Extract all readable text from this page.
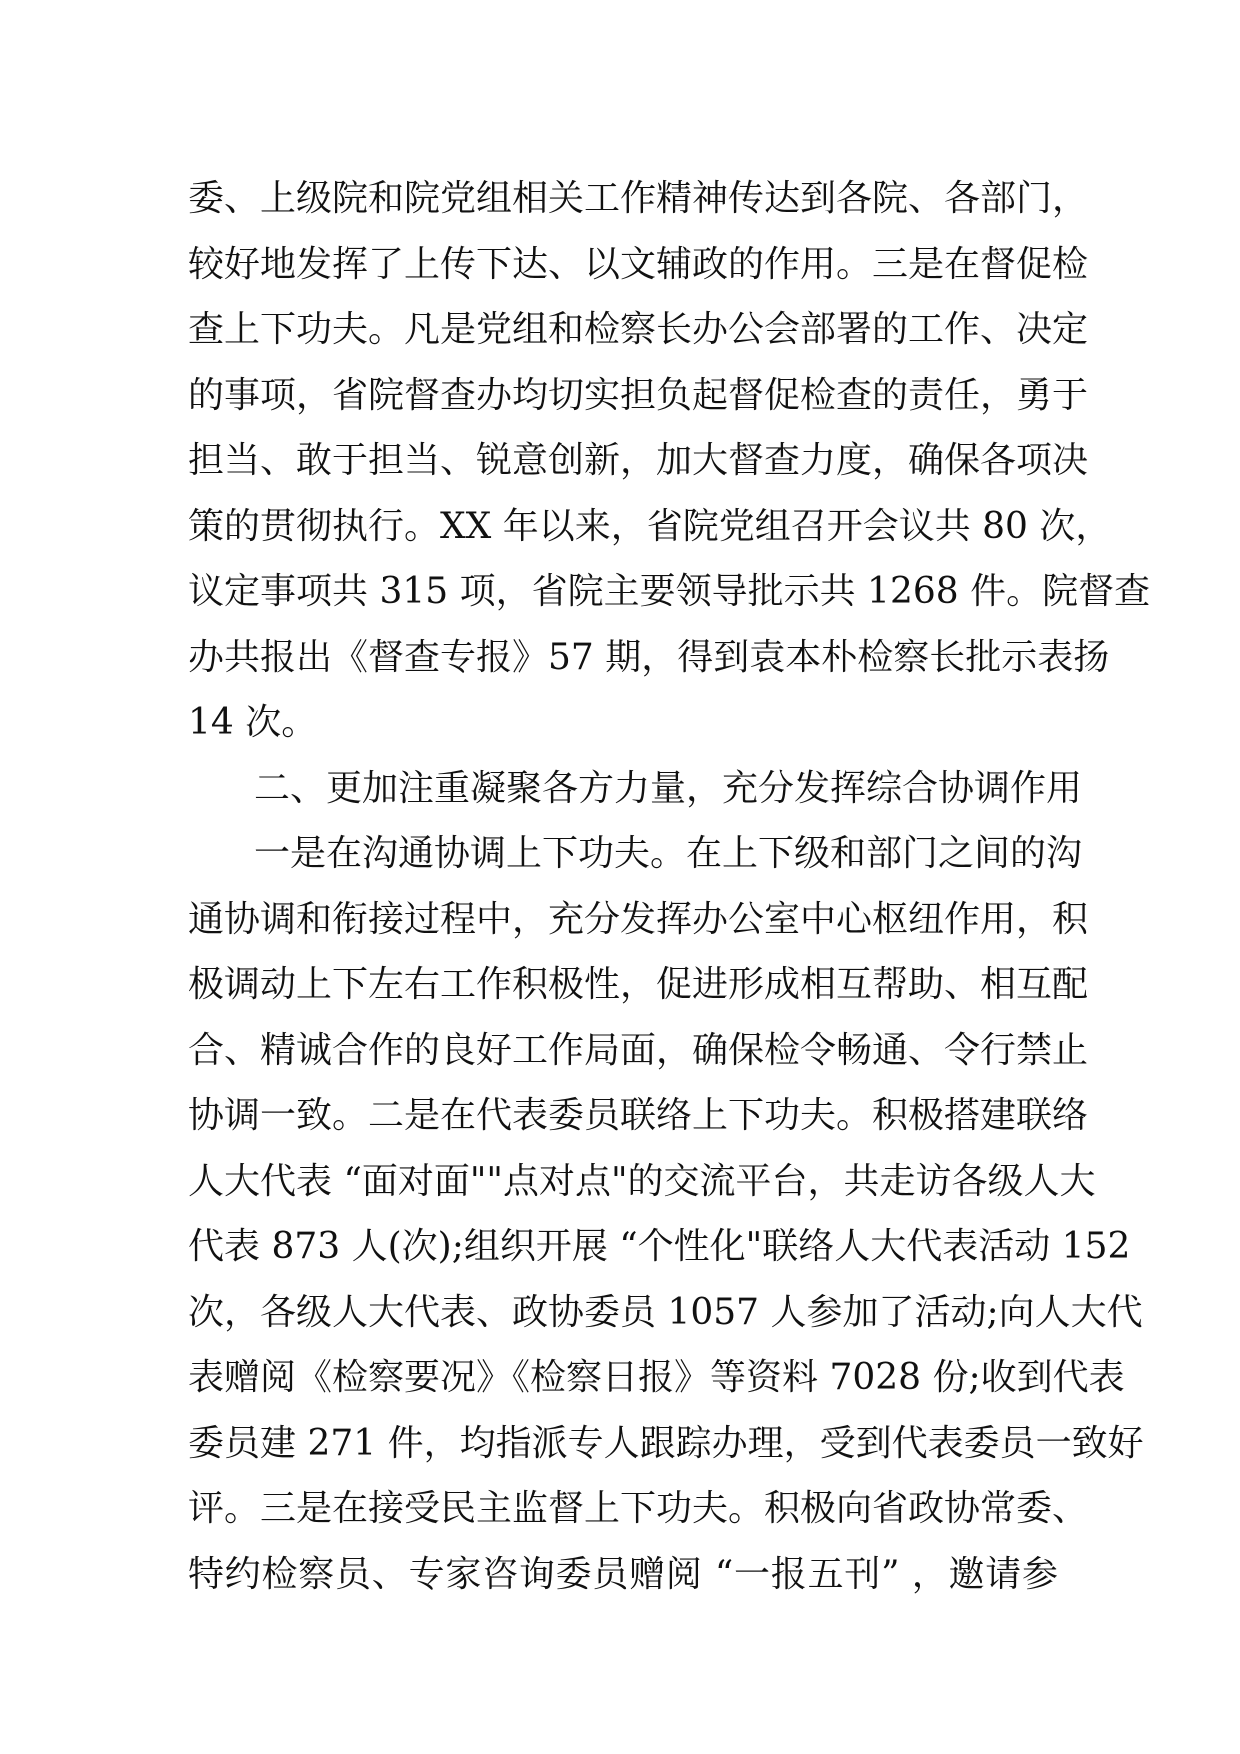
委、上级院和院党组相关工作精神传达到各院、各部门，
较好地发挥了上传下达、以文辅政的作用。三是在督促检
查上下功夫。凡是党组和检察长办公会部署的工作、决定
的事项，省院督查办均切实担负起督促检查的责任，勇于
担当、敢于担当、锐意创新，加大督查力度，确保各项决
策的贯彻执行。XX 年以来，省院党组召开会议共 80 次，
议定事项共 315 项，省院主要领导批示共 1268 件。院督查
办共报出《督查专报》57 期，得到袁本朴检察长批示表扬
14 次。
二、更加注重凝聚各方力量，充分发挥综合协调作用
一是在沟通协调上下功夫。在上下级和部门之间的沟
通协调和衔接过程中，充分发挥办公室中心枢纽作用，积
极调动上下左右工作积极性，促进形成相互帮助、相互配
合、精诚合作的良好工作局面，确保检令畅通、令行禁止
协调一致。二是在代表委员联络上下功夫。积极搭建联络
人大代表 “面对面""点对点"的交流平台，共走访各级人大
代表 873 人(次);组织开展 “个性化"联络人大代表活动 152
次，各级人大代表、政协委员 1057 人参加了活动;向人大代
表赠阅《检察要况》《检察日报》等资料 7028 份;收到代表
委员建 271 件，均指派专人跟踪办理，受到代表委员一致好
评。三是在接受民主监督上下功夫。积极向省政协常委、
特约检察员、专家咨询委员赠阅 “一报五刊” ，邀请参
